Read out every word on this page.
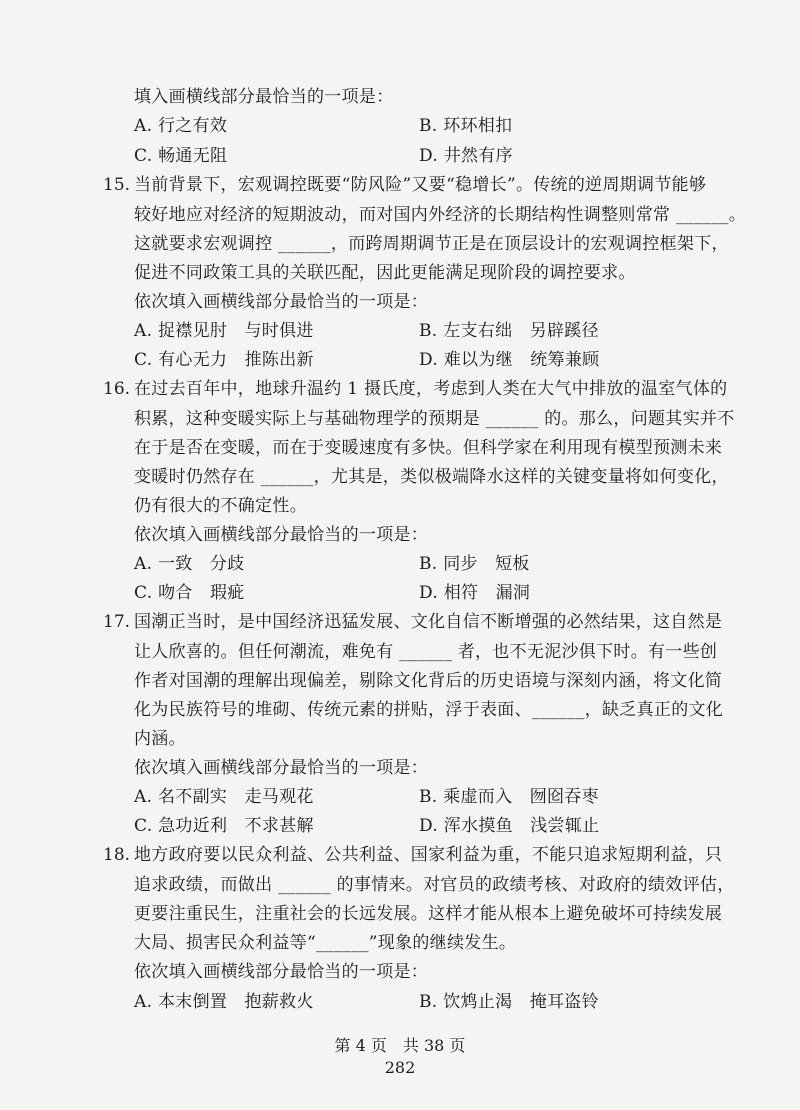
填入画横线部分最恰当的一项是：
A. 行之有效	B. 环环相扣
C. 畅通无阻	D. 井然有序
15. 当前背景下，宏观调控既要“防风险”又要“稳增长”。传统的逆周期调节能够
较好地应对经济的短期波动，而对国内外经济的长期结构性调整则常常 ______。
这就要求宏观调控 ______，而跨周期调节正是在顶层设计的宏观调控框架下，
促进不同政策工具的关联匹配，因此更能满足现阶段的调控要求。
依次填入画横线部分最恰当的一项是：
A. 捉襟见肘　与时俱进	B. 左支右绌　另辟蹊径
C. 有心无力　推陈出新	D. 难以为继　统筹兼顾
16. 在过去百年中，地球升温约 1 摄氏度，考虑到人类在大气中排放的温室气体的
积累，这种变暖实际上与基础物理学的预期是 ______ 的。那么，问题其实并不
在于是否在变暖，而在于变暖速度有多快。但科学家在利用现有模型预测未来
变暖时仍然存在 ______，尤其是，类似极端降水这样的关键变量将如何变化，
仍有很大的不确定性。
依次填入画横线部分最恰当的一项是：
A. 一致　分歧	B. 同步　短板
C. 吻合　瑕疵	D. 相符　漏洞
17. 国潮正当时，是中国经济迅猛发展、文化自信不断增强的必然结果，这自然是
让人欣喜的。但任何潮流，难免有 ______ 者，也不无泥沙俱下时。有一些创
作者对国潮的理解出现偏差，剔除文化背后的历史语境与深刻内涵，将文化简
化为民族符号的堆砌、传统元素的拼贴，浮于表面、______，缺乏真正的文化
内涵。
依次填入画横线部分最恰当的一项是：
A. 名不副实　走马观花	B. 乘虚而入　囫囵吞枣
C. 急功近利　不求甚解	D. 浑水摸鱼　浅尝辄止
18. 地方政府要以民众利益、公共利益、国家利益为重，不能只追求短期利益，只
追求政绩，而做出 ______ 的事情来。对官员的政绩考核、对政府的绩效评估，
更要注重民生，注重社会的长远发展。这样才能从根本上避免破坏可持续发展
大局、损害民众利益等“______”现象的继续发生。
依次填入画横线部分最恰当的一项是：
A. 本末倒置　抱薪救火	B. 饮鸩止渴　掩耳盗铃
第 4 页　共 38 页
282
